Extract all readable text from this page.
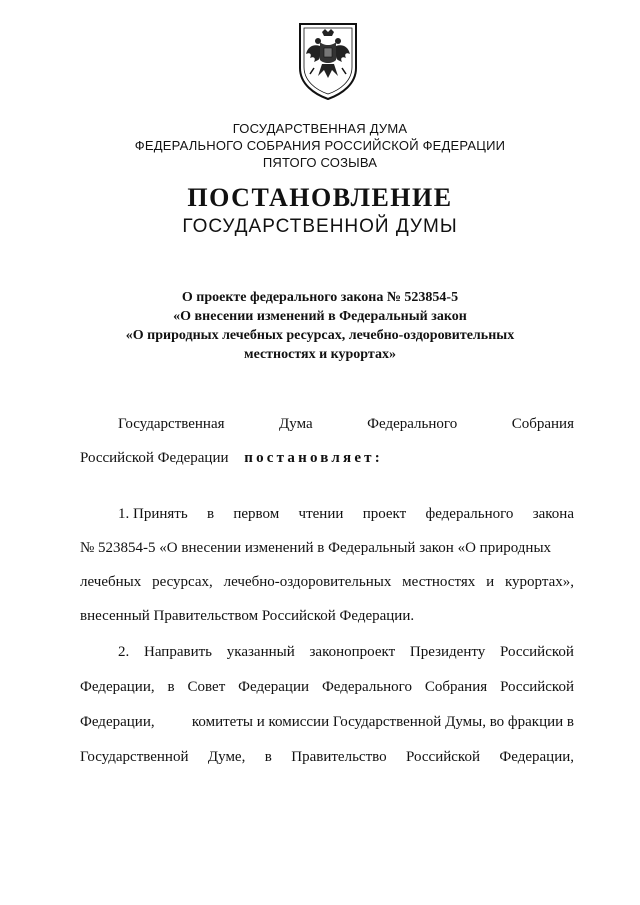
ГОСУДАРСТВЕННАЯ ДУМА
ФЕДЕРАЛЬНОГО СОБРАНИЯ РОССИЙСКОЙ ФЕДЕРАЦИИ
ПЯТОГО СОЗЫВА
ПОСТАНОВЛЕНИЕ
ГОСУДАРСТВЕННОЙ ДУМЫ
О проекте федерального закона № 523854-5
«О внесении изменений в Федеральный закон
«О природных лечебных ресурсах, лечебно-оздоровительных
местностях и курортах»
Государственная	Дума	Федерального	Собрания
Российской Федерации постановляет:
1. Принять в первом чтении проект федерального закона
№ 523854-5 «О внесении изменений в Федеральный закон «О природных
лечебных ресурсах, лечебно-оздоровительных местностях и курортах»,
внесенный Правительством Российской Федерации.
2. Направить указанный законопроект Президенту Российской
Федерации, в Совет Федерации Федерального Собрания Российской
Федерации, комитеты и комиссии Государственной Думы, во фракции в
Государственной Думе, в Правительство Российской Федерации,
